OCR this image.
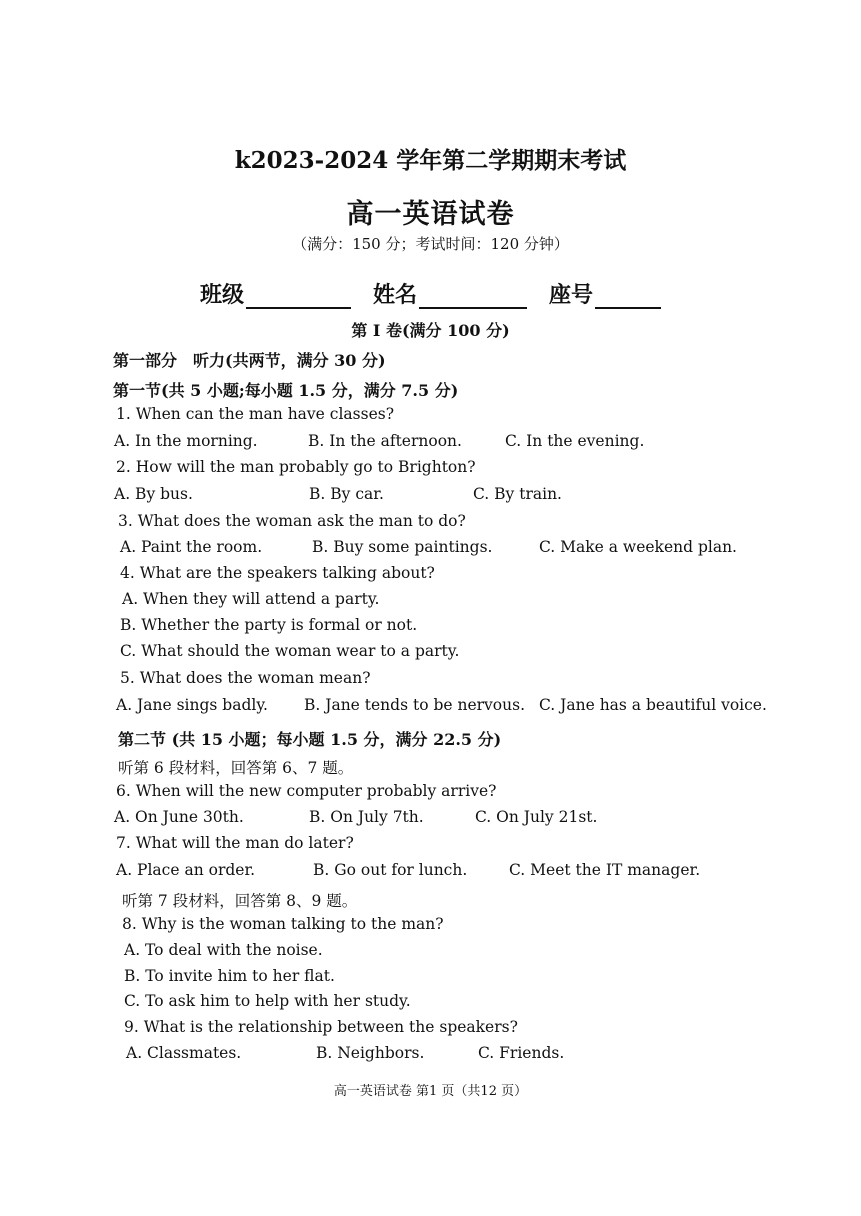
k2023-2024 学年第二学期期末考试
高一英语试卷
（满分：150 分；考试时间：120 分钟）
班级	姓名	座号
第 I 卷(满分 100 分)
第一部分　听力(共两节，满分 30 分)
第一节(共 5 小题;每小题 1.5 分，满分 7.5 分)
1. When can the man have classes?
A. In the morning.	B. In the afternoon.	C. In the evening.
2. How will the man probably go to Brighton?
A. By bus.	B. By car.	C. By train.
3. What does the woman ask the man to do?
A. Paint the room.	B. Buy some paintings.	C. Make a weekend plan.
4. What are the speakers talking about?
A. When they will attend a party.
B. Whether the party is formal or not.
C. What should the woman wear to a party.
5. What does the woman mean?
A. Jane sings badly. B. Jane tends to be nervous. C. Jane has a beautiful voice.
第二节 (共 15 小题；每小题 1.5 分，满分 22.5 分)
听第 6 段材料，回答第 6、7 题。
6. When will the new computer probably arrive?
A. On June 30th.	B. On July 7th.	C. On July 21st.
7. What will the man do later?
A. Place an order.	B. Go out for lunch.	C. Meet the IT manager.
听第 7 段材料，回答第 8、9 题。
8. Why is the woman talking to the man?
A. To deal with the noise.
B. To invite him to her flat.
C. To ask him to help with her study.
9. What is the relationship between the speakers?
A. Classmates.	B. Neighbors.	C. Friends.
高一英语试卷 第1 页（共12 页）
